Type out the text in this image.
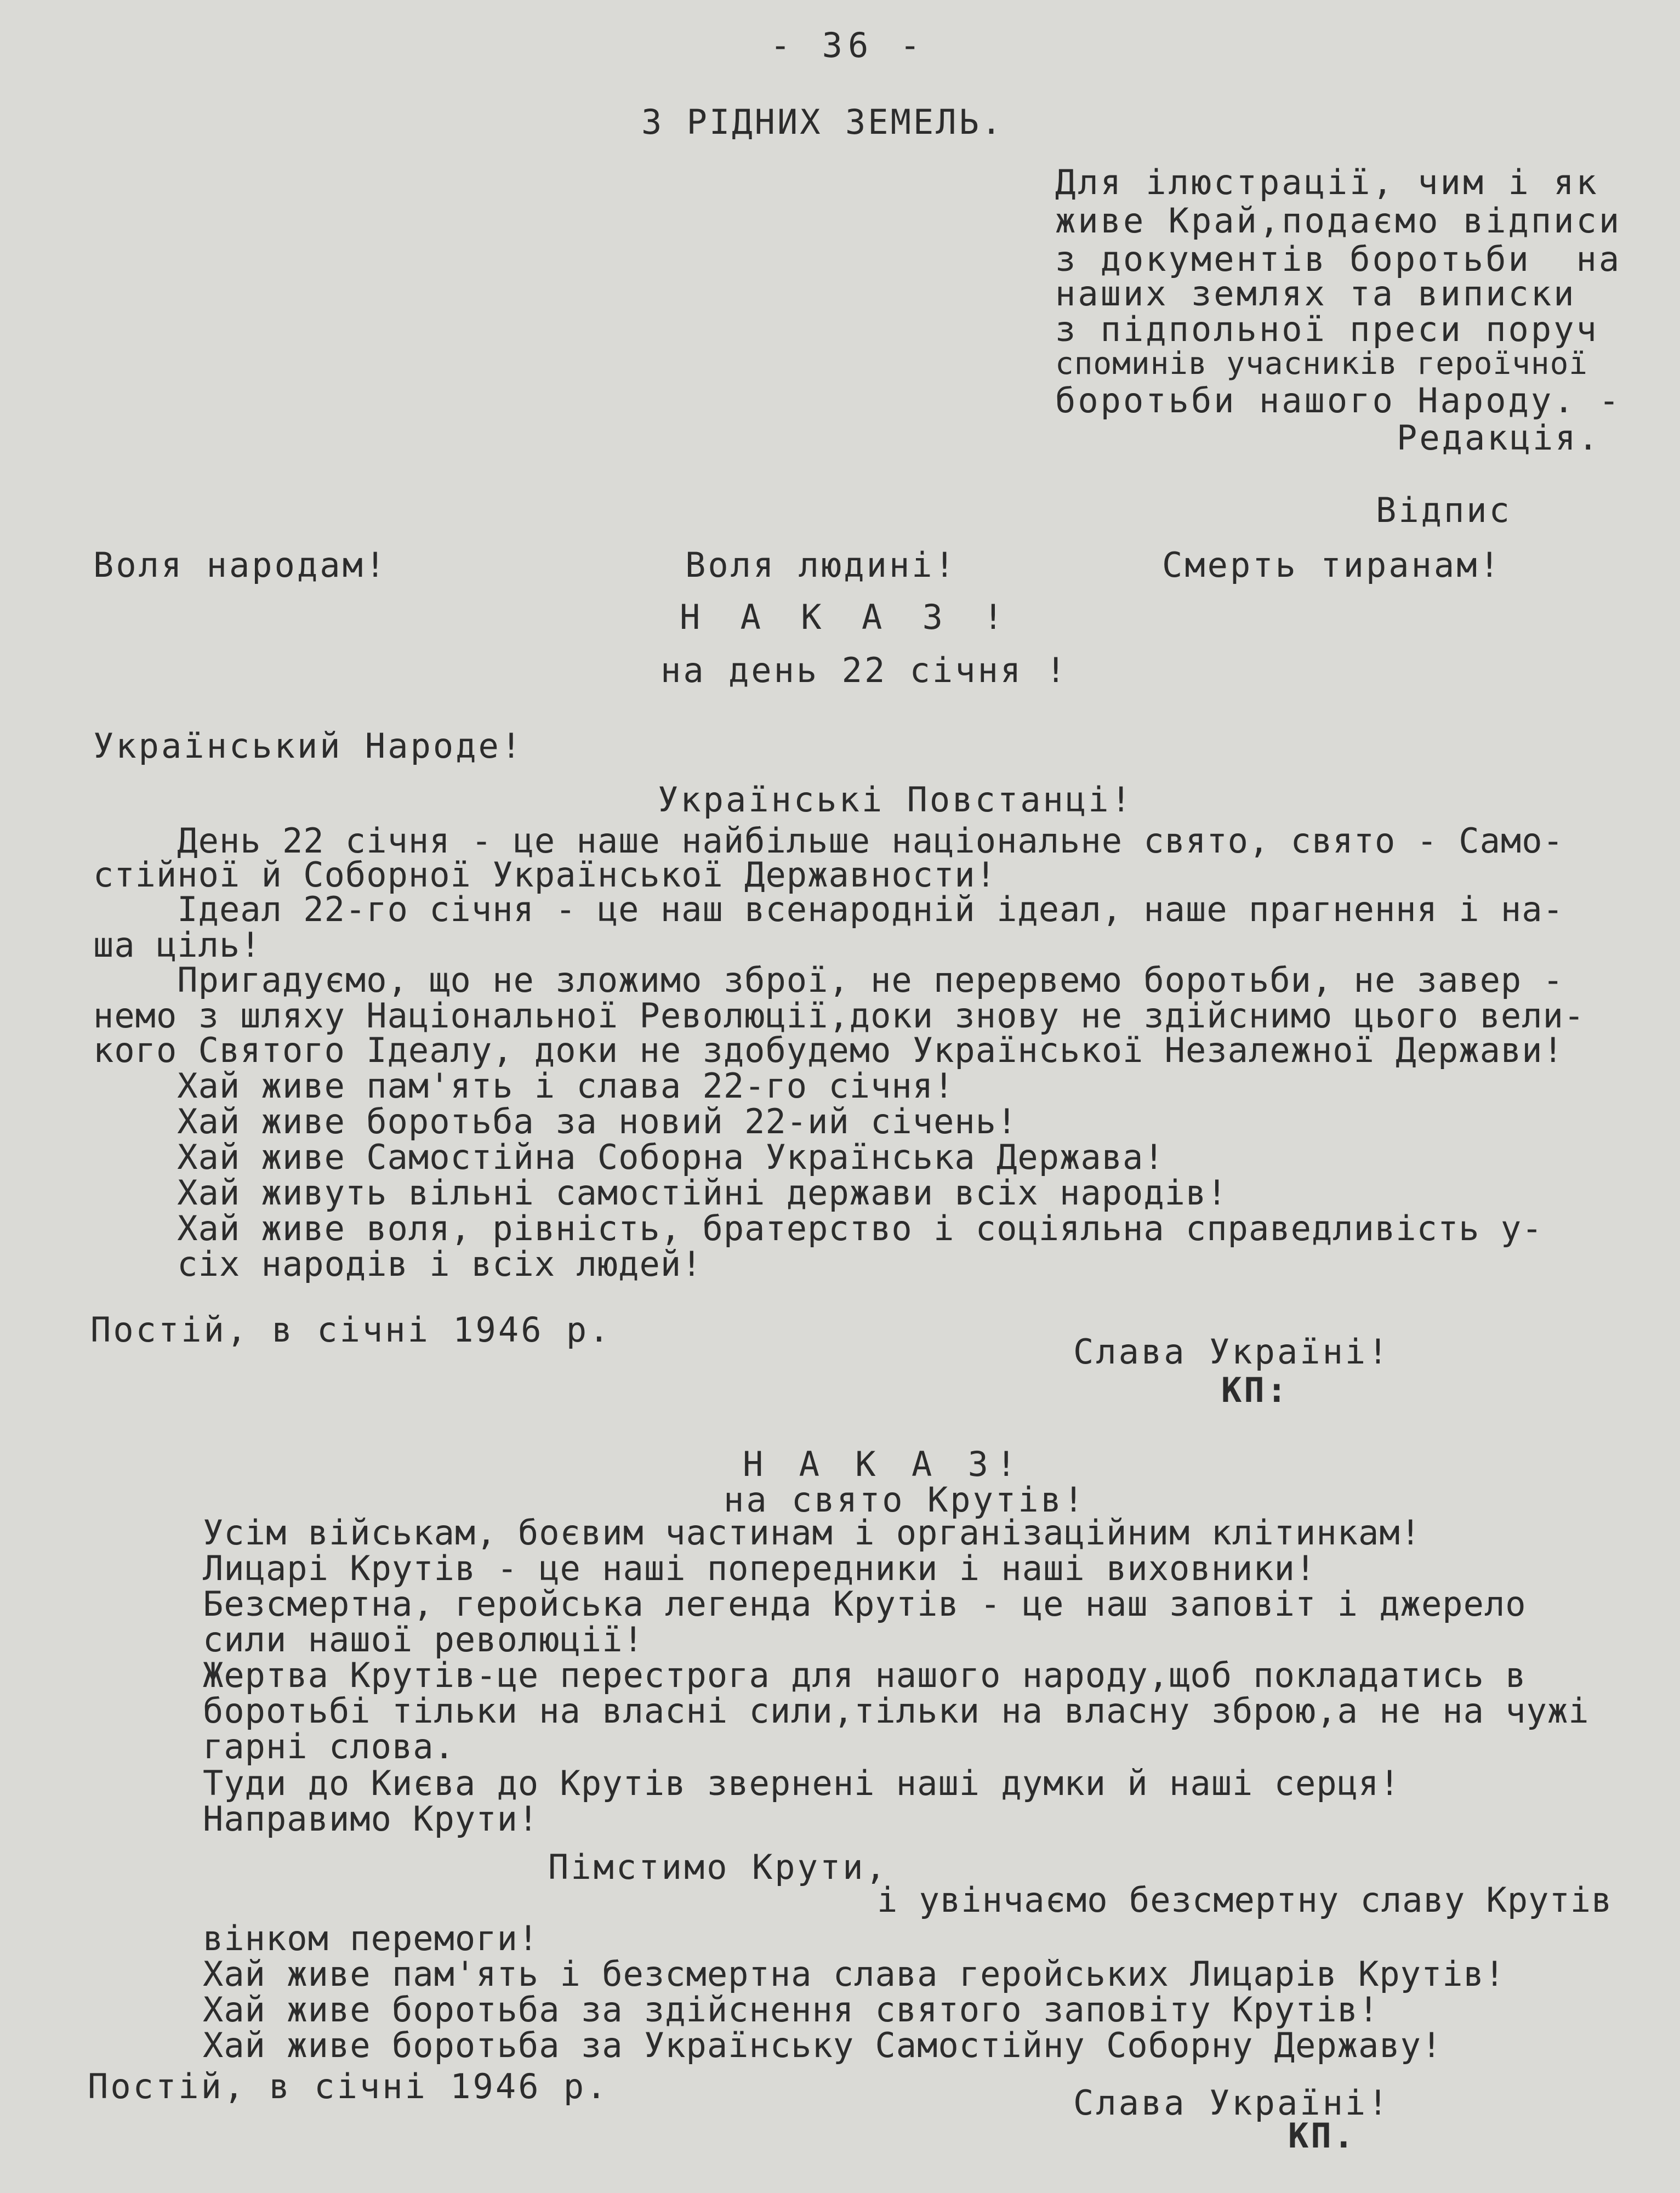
- 36 -
З РІДНИХ ЗЕМЕЛЬ.
Для ілюстрації, чим і як
живе Край,подаємо відписи
з документів боротьби  на
наших землях та виписки
з підпольної преси поруч
споминів учасників героїчної
боротьби нашого Народу. -
Редакція.
Відпис
Воля народам!	Воля людині!	Смерть тиранам!
Н А К А З !
на день 22 січня !
Український Народе!
Українські Повстанці!
День 22 січня - це наше найбільше національне свято, свято - Само-
стійної й Соборної Української Державности!
Ідеал 22-го січня - це наш всенародній ідеал, наше прагнення і на-
ша ціль!
Пригадуємо, що не зложимо зброї, не перервемо боротьби, не завер -
немо з шляху Національної Революції,доки знову не здійснимо цього вели-
кого Святого Ідеалу, доки не здобудемо Української Незалежної Держави!
Хай живе пам'ять і слава 22-го січня!
Хай живе боротьба за новий 22-ий січень!
Хай живе Самостійна Соборна Українська Держава!
Хай живуть вільні самостійні держави всіх народів!
Хай живе воля, рівність, братерство і соціяльна справедливість у-
сіх народів і всіх людей!
Постій, в січні 1946 р.
Слава Україні!
КП:
Н А К А З!
на свято Крутів!
Усім військам, боєвим частинам і організаційним клітинкам!
Лицарі Крутів - це наші попередники і наші виховники!
Безсмертна, геройська легенда Крутів - це наш заповіт і джерело
сили нашої революції!
Жертва Крутів-це перестрога для нашого народу,щоб покладатись в
боротьбі тільки на власні сили,тільки на власну зброю,а не на чужі
гарні слова.
Туди до Києва до Крутів звернені наші думки й наші серця!
Направимо Крути!
Пімстимо Крути,
і увінчаємо безсмертну славу Крутів
вінком перемоги!
Хай живе пам'ять і безсмертна слава геройських Лицарів Крутів!
Хай живе боротьба за здійснення святого заповіту Крутів!
Хай живе боротьба за Українську Самостійну Соборну Державу!
Постій, в січні 1946 р.	Слава Україні!
КП.
